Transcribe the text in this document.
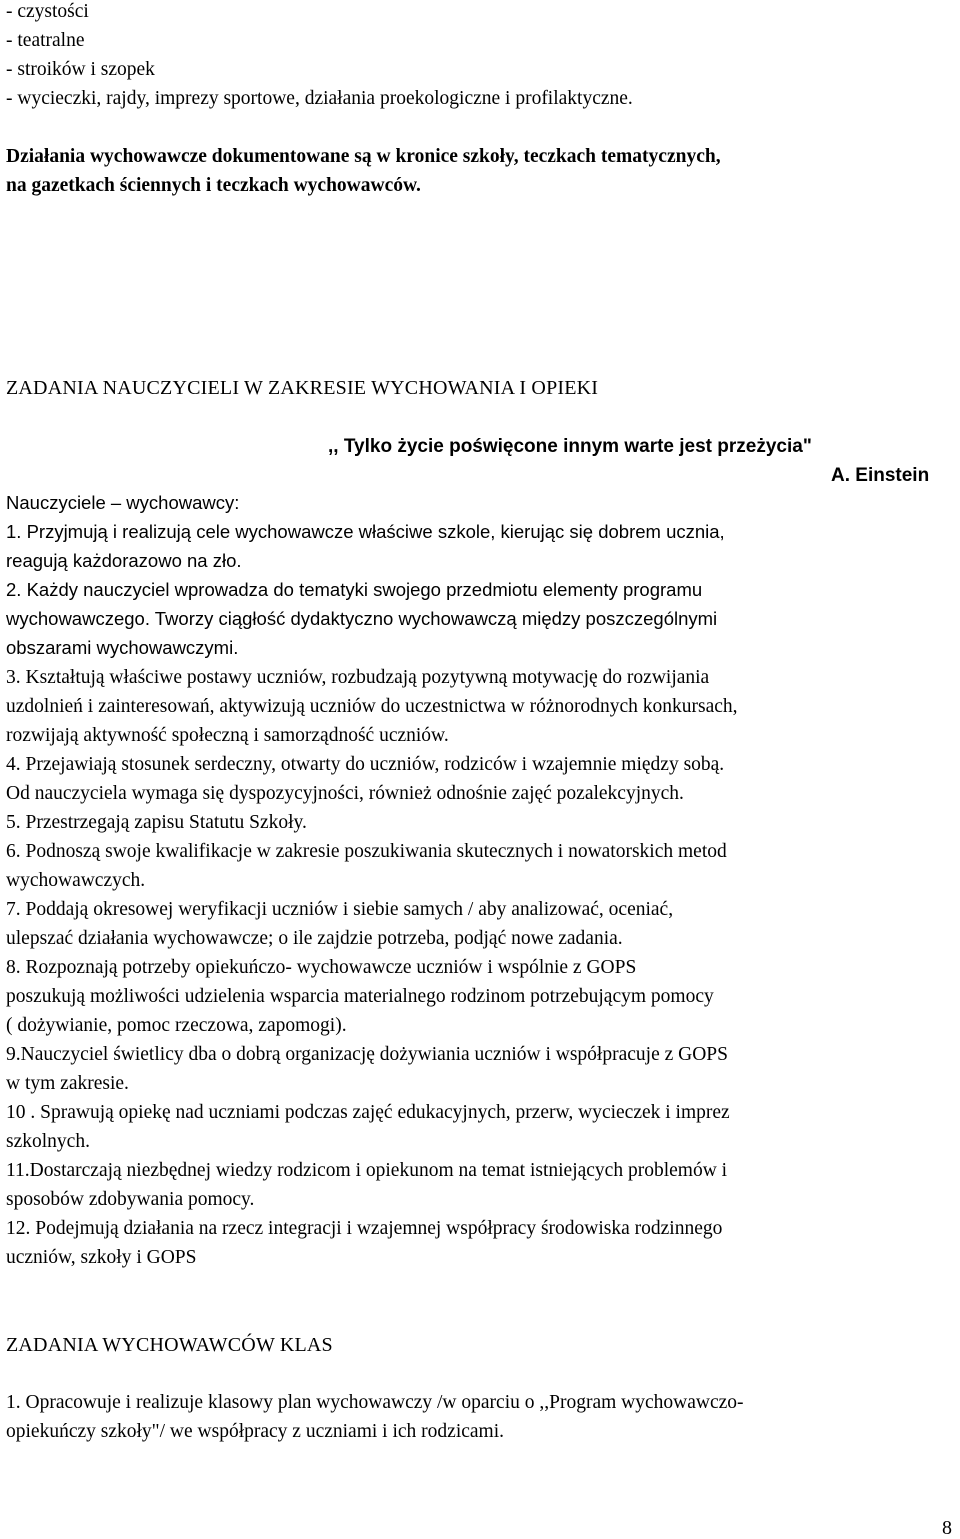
- czystości
- teatralne
- stroików i szopek
- wycieczki, rajdy, imprezy sportowe, działania proekologiczne i profilaktyczne.
Działania wychowawcze dokumentowane są w kronice szkoły, teczkach tematycznych,
na gazetkach ściennych i teczkach wychowawców.
ZADANIA NAUCZYCIELI W ZAKRESIE WYCHOWANIA I OPIEKI
,, Tylko życie poświęcone innym warte jest przeżycia"
A. Einstein
Nauczyciele – wychowawcy:
1. Przyjmują i realizują cele wychowawcze właściwe szkole, kierując się dobrem ucznia,
reagują każdorazowo na zło.
2. Każdy nauczyciel wprowadza do tematyki swojego przedmiotu elementy programu
wychowawczego. Tworzy ciągłość dydaktyczno wychowawczą między poszczególnymi
obszarami wychowawczymi.
3. Kształtują właściwe postawy uczniów, rozbudzają pozytywną motywację do rozwijania
uzdolnień i zainteresowań, aktywizują uczniów do uczestnictwa w różnorodnych konkursach,
rozwijają aktywność społeczną i samorządność uczniów.
4. Przejawiają stosunek serdeczny, otwarty do uczniów, rodziców i wzajemnie między sobą.
Od nauczyciela wymaga się dyspozycyjności, również odnośnie zajęć pozalekcyjnych.
5. Przestrzegają zapisu Statutu Szkoły.
6. Podnoszą swoje kwalifikacje w zakresie poszukiwania skutecznych i nowatorskich metod
wychowawczych.
7. Poddają okresowej weryfikacji uczniów i siebie samych / aby analizować, oceniać,
ulepszać działania wychowawcze; o ile zajdzie potrzeba, podjąć nowe zadania.
8. Rozpoznają potrzeby opiekuńczo- wychowawcze uczniów i wspólnie z GOPS
poszukują możliwości udzielenia wsparcia materialnego rodzinom potrzebującym pomocy
( dożywianie, pomoc rzeczowa, zapomogi).
9.Nauczyciel świetlicy dba o dobrą organizację dożywiania uczniów i współpracuje z GOPS
w tym zakresie.
10 . Sprawują opiekę nad uczniami podczas zajęć edukacyjnych, przerw, wycieczek i imprez
szkolnych.
11.Dostarczają niezbędnej wiedzy rodzicom i opiekunom na temat istniejących problemów i
sposobów zdobywania pomocy.
12. Podejmują działania na rzecz integracji i wzajemnej współpracy środowiska rodzinnego
uczniów, szkoły i GOPS
ZADANIA WYCHOWAWCÓW KLAS
1. Opracowuje i realizuje klasowy plan wychowawczy /w oparciu o ,,Program wychowawczo-
opiekuńczy szkoły"/ we współpracy z uczniami i ich rodzicami.
8
